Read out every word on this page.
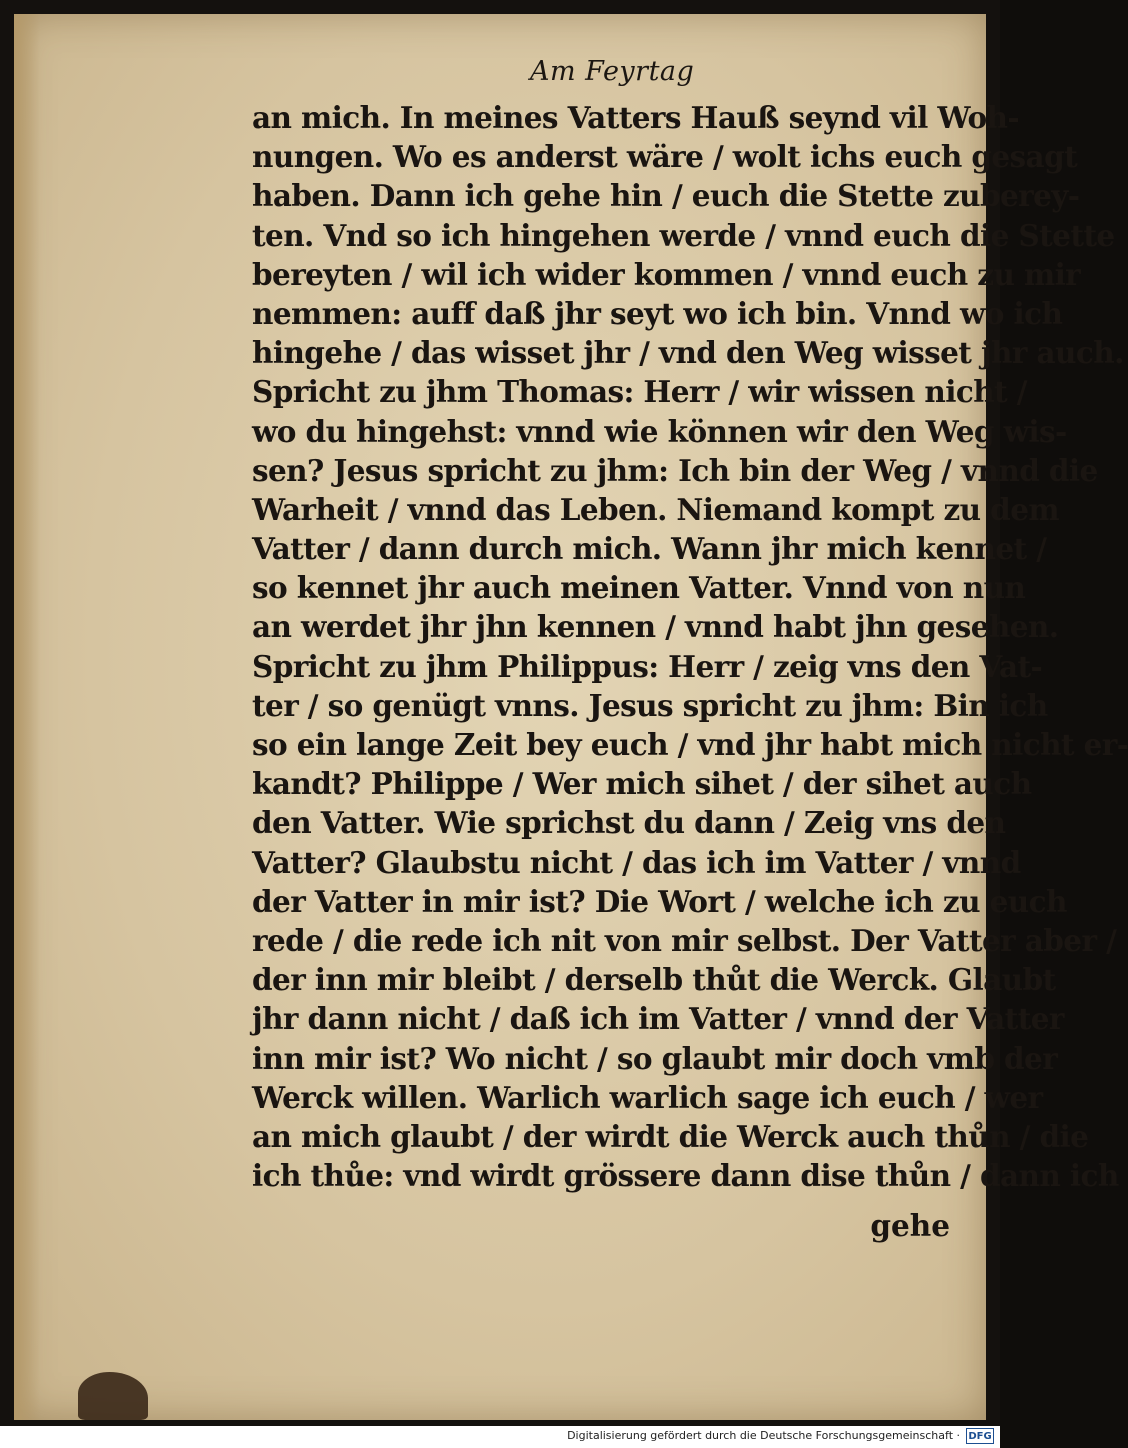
Am Feyrtag
an mich. In meines Vatters Hauß seynd vil Woh-
nungen. Wo es anderst wäre / wolt ichs euch gesagt
haben. Dann ich gehe hin / euch die Stette zuberey-
ten. Vnd so ich hingehen werde / vnnd euch die Stette
bereyten / wil ich wider kommen / vnnd euch zu mir
nemmen: auff daß jhr seyt wo ich bin. Vnnd wo ich
hingehe / das wisset jhr / vnd den Weg wisset jhr auch.
Spricht zu jhm Thomas: Herr / wir wissen nicht /
wo du hingehst: vnnd wie können wir den Weg wis-
sen? Jesus spricht zu jhm: Ich bin der Weg / vnnd die
Warheit / vnnd das Leben. Niemand kompt zu dem
Vatter / dann durch mich. Wann jhr mich kennet /
so kennet jhr auch meinen Vatter. Vnnd von nun
an werdet jhr jhn kennen / vnnd habt jhn gesehen.
Spricht zu jhm Philippus: Herr / zeig vns den Vat-
ter / so genügt vnns. Jesus spricht zu jhm: Bin ich
so ein lange Zeit bey euch / vnd jhr habt mich nicht er-
kandt? Philippe / Wer mich sihet / der sihet auch
den Vatter. Wie sprichst du dann / Zeig vns den
Vatter? Glaubstu nicht / das ich im Vatter / vnnd
der Vatter in mir ist? Die Wort / welche ich zu euch
rede / die rede ich nit von mir selbst. Der Vatter aber /
der inn mir bleibt / derselb thůt die Werck. Glaubt
jhr dann nicht / daß ich im Vatter / vnnd der Vatter
inn mir ist? Wo nicht / so glaubt mir doch vmb der
Werck willen. Warlich warlich sage ich euch / wer
an mich glaubt / der wirdt die Werck auch thůn / die
ich thůe: vnd wirdt grössere dann dise thůn / dann ich
gehe
Digitalisierung gefördert durch die Deutsche Forschungsgemeinschaft · DFG
